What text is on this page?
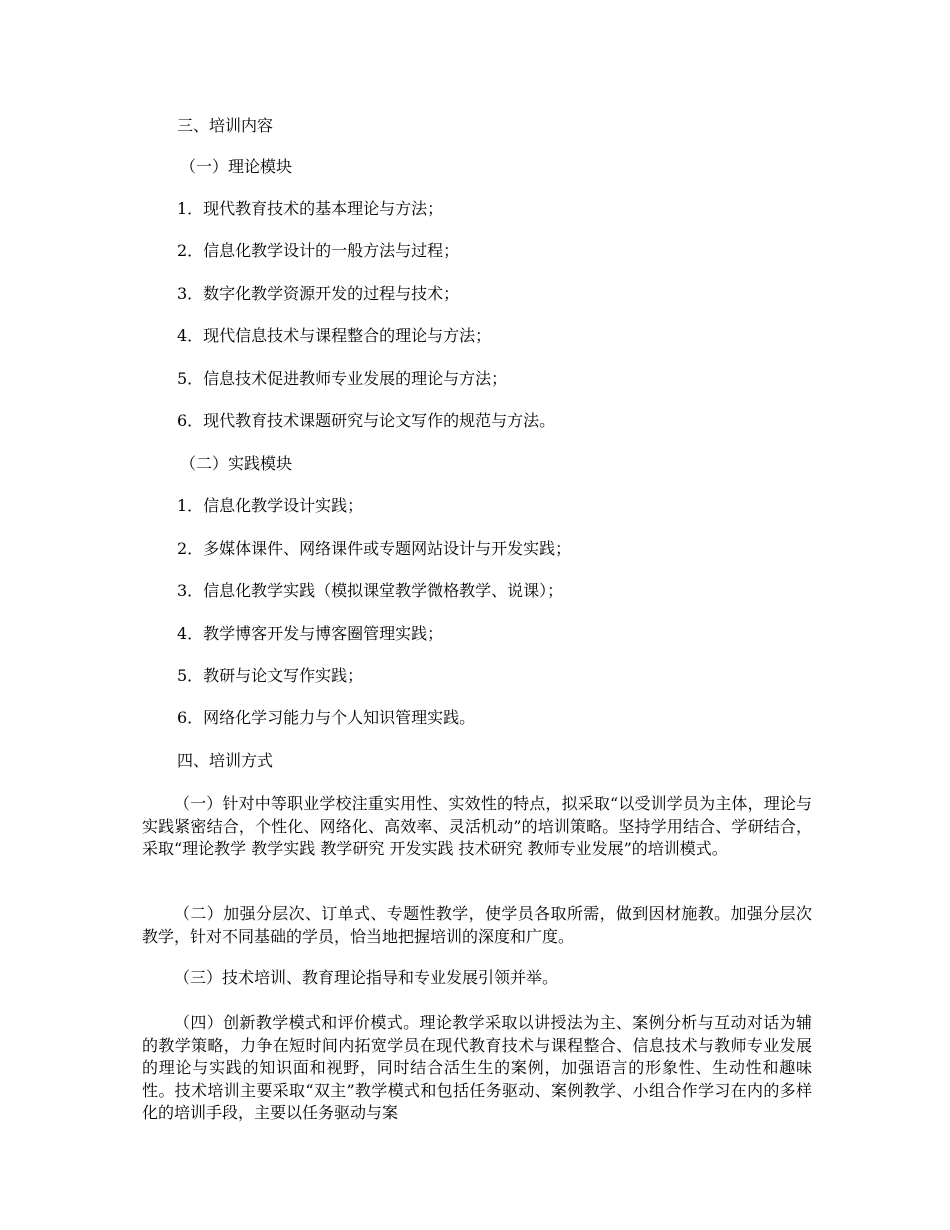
三、培训内容
（一）理论模块
1．现代教育技术的基本理论与方法；
2．信息化教学设计的一般方法与过程；
3．数字化教学资源开发的过程与技术；
4．现代信息技术与课程整合的理论与方法；
5．信息技术促进教师专业发展的理论与方法；
6．现代教育技术课题研究与论文写作的规范与方法。
（二）实践模块
1．信息化教学设计实践；
2．多媒体课件、网络课件或专题网站设计与开发实践；
3．信息化教学实践（模拟课堂教学微格教学、说课）；
4．教学博客开发与博客圈管理实践；
5．教研与论文写作实践；
6．网络化学习能力与个人知识管理实践。
四、培训方式
（一）针对中等职业学校注重实用性、实效性的特点，拟采取“以受训学员为主体，理论与实践紧密结合，个性化、网络化、高效率、灵活机动”的培训策略。坚持学用结合、学研结合，采取“理论教学 教学实践 教学研究 开发实践 技术研究 教师专业发展”的培训模式。
（二）加强分层次、订单式、专题性教学，使学员各取所需，做到因材施教。加强分层次教学，针对不同基础的学员，恰当地把握培训的深度和广度。
（三）技术培训、教育理论指导和专业发展引领并举。
（四）创新教学模式和评价模式。理论教学采取以讲授法为主、案例分析与互动对话为辅的教学策略，力争在短时间内拓宽学员在现代教育技术与课程整合、信息技术与教师专业发展的理论与实践的知识面和视野，同时结合活生生的案例，加强语言的形象性、生动性和趣味性。技术培训主要采取“双主”教学模式和包括任务驱动、案例教学、小组合作学习在内的多样化的培训手段，主要以任务驱动与案
